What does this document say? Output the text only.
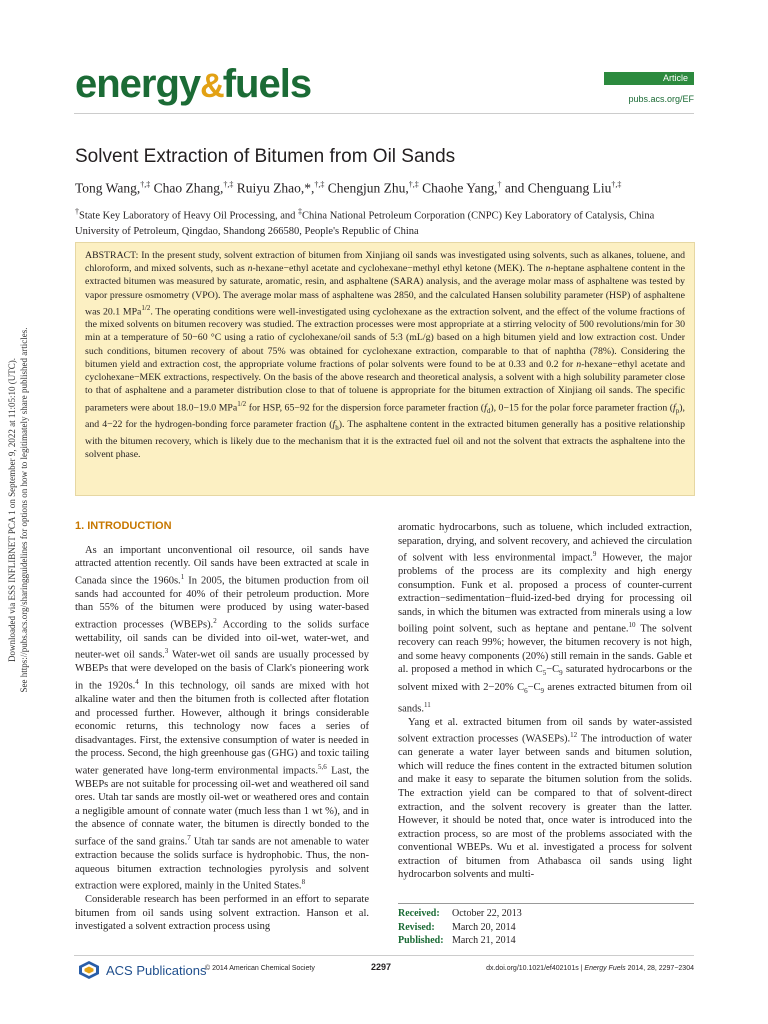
Downloaded via ESS INFLIBNET PCA 1 on September 9, 2022 at 11:05:10 (UTC). See https://pubs.acs.org/sharingguidelines for options on how to legitimately share published articles.
energy&fuels	Article
pubs.acs.org/EF
Solvent Extraction of Bitumen from Oil Sands
Tong Wang,†,‡ Chao Zhang,†,‡ Ruiyu Zhao,*,†,‡ Chengjun Zhu,†,‡ Chaohe Yang,† and Chenguang Liu†,‡
†State Key Laboratory of Heavy Oil Processing, and ‡China National Petroleum Corporation (CNPC) Key Laboratory of Catalysis, China University of Petroleum, Qingdao, Shandong 266580, People's Republic of China
ABSTRACT: In the present study, solvent extraction of bitumen from Xinjiang oil sands was investigated using solvents, such as alkanes, toluene, and chloroform, and mixed solvents, such as n-hexane−ethyl acetate and cyclohexane−methyl ethyl ketone (MEK). The n-heptane asphaltene content in the extracted bitumen was measured by saturate, aromatic, resin, and asphaltene (SARA) analysis, and the average molar mass of asphaltene was tested by vapor pressure osmometry (VPO). The average molar mass of asphaltene was 2850, and the calculated Hansen solubility parameter (HSP) of asphaltene was 20.1 MPa$^{1/2}$. The operating conditions were well-investigated using cyclohexane as the extraction solvent, and the effect of the volume fractions of the mixed solvents on bitumen recovery was studied. The extraction processes were most appropriate at a stirring velocity of 500 revolutions/min for 30 min at a temperature of 50−60 °C using a ratio of cyclohexane/oil sands of 5:3 (mL/g) based on a high bitumen yield and low extraction cost. Under such conditions, bitumen recovery of about 75% was obtained for cyclohexane extraction, comparable to that of naphtha (78%). Considering the bitumen yield and extraction cost, the appropriate volume fractions of polar solvents were found to be at 0.33 and 0.2 for n-hexane−ethyl acetate and cyclohexane−MEK extractions, respectively. On the basis of the above research and theoretical analysis, a solvent with a high solubility parameter close to that of asphaltene and a parameter distribution close to that of toluene is appropriate for the bitumen extraction of Xinjiang oil sands. The specific parameters were about 18.0−19.0 MPa$^{1/2}$ for HSP, 65−92 for the dispersion force parameter fraction $(f_d)$, 0−15 for the polar force parameter fraction $(f_p)$, and 4−22 for the hydrogen-bonding force parameter fraction $(f_h)$. The asphaltene content in the extracted bitumen generally has a positive relationship with the bitumen recovery, which is likely due to the mechanism that it is the extracted fuel oil and not the solvent that extracts the asphaltene into the solvent phase.
1. INTRODUCTION

As an important unconventional oil resource, oil sands have attracted attention recently. Oil sands have been extracted at scale in Canada since the 1960s.$^1$ In 2005, the bitumen production from oil sands had accounted for 40% of their petroleum production. More than 55% of the bitumen were produced by using water-based extraction processes (WBEPs).$^2$ According to the solids surface wettability, oil sands can be divided into oil-wet, water-wet, and neuter-wet oil sands.$^3$ Water-wet oil sands are usually processed by WBEPs that were developed on the basis of Clark's pioneering work in the 1920s.$^4$ In this technology, oil sands are mixed with hot alkaline water and then the bitumen froth is collected after flotation and processed further. However, although it brings considerable economic returns, this technology now faces a series of disadvantages. First, the extensive consumption of water is needed in the process. Second, the high greenhouse gas (GHG) and toxic tailing water generated have long-term environmental impacts.$^{5,6}$ Last, the WBEPs are not suitable for processing oil-wet and weathered oil sand ores. Utah tar sands are mostly oil-wet or weathered ores and contain a negligible amount of connate water (much less than 1 wt %), and in the absence of connate water, the bitumen is directly bonded to the surface of the sand grains.$^7$ Utah tar sands are not amenable to water extraction because the solids surface is hydrophobic. Thus, the non-aqueous bitumen extraction technologies pyrolysis and solvent extraction were explored, mainly in the United States.$^8$

Considerable research has been performed in an effort to separate bitumen from oil sands using solvent extraction. Hanson et al. investigated a solvent extraction process using

aromatic hydrocarbons, such as toluene, which included extraction, separation, drying, and solvent recovery, and achieved the circulation of solvent with less environmental impact.$^9$ However, the major problems of the process are its complexity and high energy consumption. Funk et al. proposed a process of counter-current extraction−sedimentation−fluid-ized-bed drying for processing oil sands, in which the bitumen was extracted from minerals using a low boiling point solvent, such as heptane and pentane.$^{10}$ The solvent recovery can reach 99%; however, the bitumen recovery is not high, and some heavy components (20%) still remain in the sands. Gable et al. proposed a method in which $C_5-C_9$ saturated hydrocarbons or the solvent mixed with 2−20% $C_6-C_9$ arenes extracted bitumen from oil sands.$^{11}$

Yang et al. extracted bitumen from oil sands by water-assisted solvent extraction processes (WASEPs).$^{12}$ The introduction of water can generate a water layer between sands and bitumen solution, which will reduce the fines content in the extracted bitumen solution and make it easy to separate the bitumen solution from the solids. The extraction yield can be compared to that of solvent-direct extraction, and the solvent recovery is greater than the latter. However, it should be noted that, once water is introduced into the extraction process, so are most of the problems associated with the conventional WBEPs. Wu et al. investigated a process for solvent extraction of bitumen from Athabasca oil sands using light hydrocarbon solvents and multi-

Received:	October 22, 2013
Revised:	March 20, 2014
Published: March 21, 2014
ACS Publications
© 2014 American Chemical Society	2297	dx.doi.org/10.1021/ef402101s | Energy Fuels 2014, 28, 2297−2304
